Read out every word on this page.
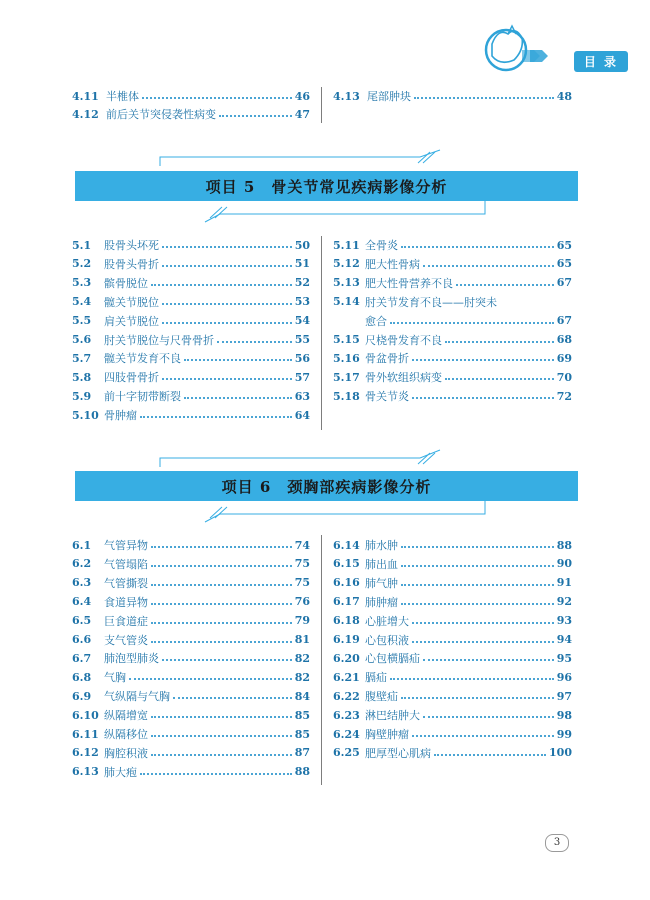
目 录
4.11 半椎体	46
4.12 前后关节突侵袭性病变	47
4.13 尾部肿块	48
项目 5　骨关节常见疾病影像分析
5.1	股骨头坏死	50
5.2	股骨头骨折	51
5.3	髌骨脱位	52
5.4	髋关节脱位	53
5.5	肩关节脱位	54
5.6	肘关节脱位与尺骨骨折	55
5.7	髋关节发育不良	56
5.8	四肢骨骨折	57
5.9	前十字韧带断裂	63
5.10 骨肿瘤	64
5.11 全骨炎	65
5.12 肥大性骨病	65
5.13 肥大性骨营养不良	67
5.14 肘关节发育不良——肘突未
愈合	67
5.15 尺桡骨发育不良	68
5.16 骨盆骨折	69
5.17 骨外软组织病变	70
5.18 骨关节炎	72
项目 6　颈胸部疾病影像分析
6.1	气管异物	74
6.2	气管塌陷	75
6.3	气管撕裂	75
6.4	食道异物	76
6.5	巨食道症	79
6.6	支气管炎	81
6.7	肺泡型肺炎	82
6.8	气胸	82
6.9	气纵隔与气胸	84
6.10 纵隔增宽	85
6.11 纵隔移位	85
6.12 胸腔积液	87
6.13 肺大疱	88
6.14 肺水肿	88
6.15 肺出血	90
6.16 肺气肿	91
6.17 肺肿瘤	92
6.18 心脏增大	93
6.19 心包积液	94
6.20 心包横膈疝	95
6.21 膈疝	96
6.22 腹壁疝	97
6.23 淋巴结肿大	98
6.24 胸壁肿瘤	99
6.25 肥厚型心肌病	100
3
